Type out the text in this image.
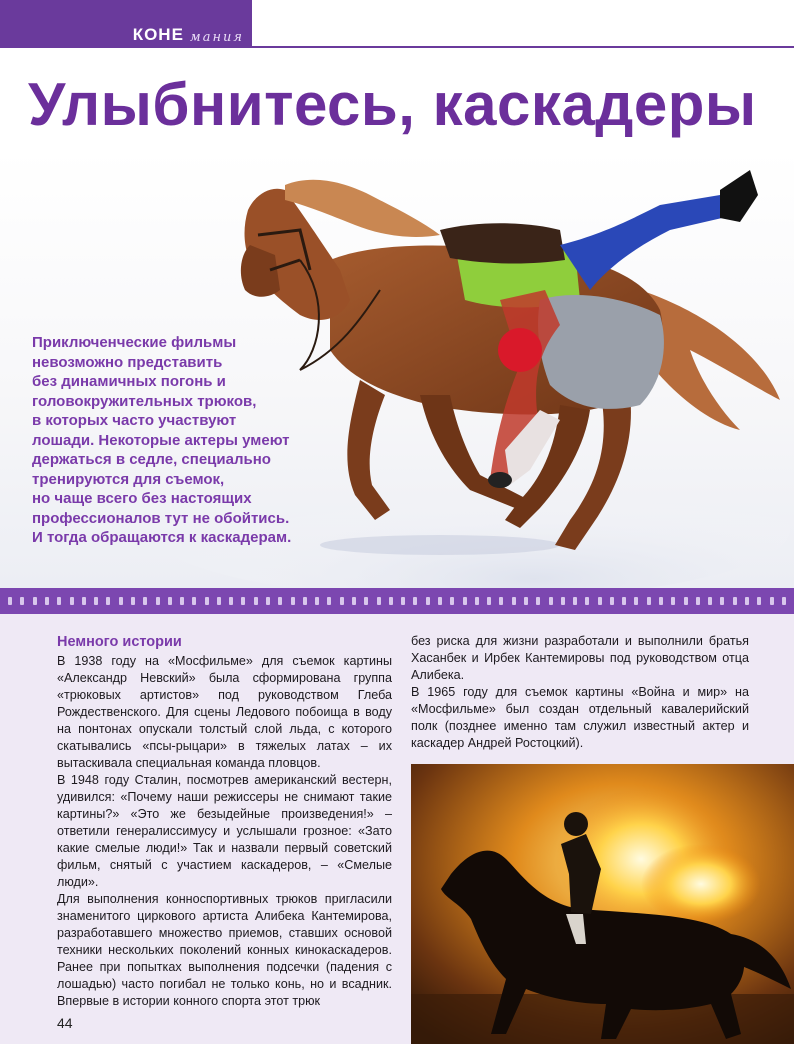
КОНЕ мания
Улыбнитесь, каскадеры
Приключенческие фильмы
невозможно представить
без динамичных погонь и
головокружительных трюков,
в которых часто участвуют
лошади. Некоторые актеры умеют
держаться в седле, специально
тренируются для съемок,
но чаще всего без настоящих
профессионалов тут не обойтись.
И тогда обращаются к каскадерам.
Немного истории

В 1938 году на «Мосфильме» для съемок картины «Александр Невский» была сформирована группа «трюковых артистов» под руководством Глеба Рождественского. Для сцены Ледового побоища в воду на понтонах опускали толстый слой льда, с которого скатывались «псы-рыцари» в тяжелых латах – их вытаскивала специальная команда пловцов.

В 1948 году Сталин, посмотрев американский вестерн, удивился: «Почему наши режиссеры не снимают такие картины?» «Это же безыдейные произведения!» – ответили генералиссимусу и услышали грозное: «Зато какие смелые люди!» Так и назвали первый советский фильм, снятый с участием каскадеров, – «Смелые люди».

Для выполнения конноспортивных трюков пригласили знаменитого циркового артиста Алибека Кантемирова, разработавшего множество приемов, ставших основой техники нескольких поколений конных кинокаскадеров. Ранее при попытках выполнения подсечки (падения с лошадью) часто погибал не только конь, но и всадник. Впервые в истории конного спорта этот трюк

без риска для жизни разработали и выполнили братья Хасанбек и Ирбек Кантемировы под руководством отца Алибека.

В 1965 году для съемок картины «Война и мир» на «Мосфильме» был создан отдельный кавалерийский полк (позднее именно там служил известный актер и каскадер Андрей Ростоцкий).

44
